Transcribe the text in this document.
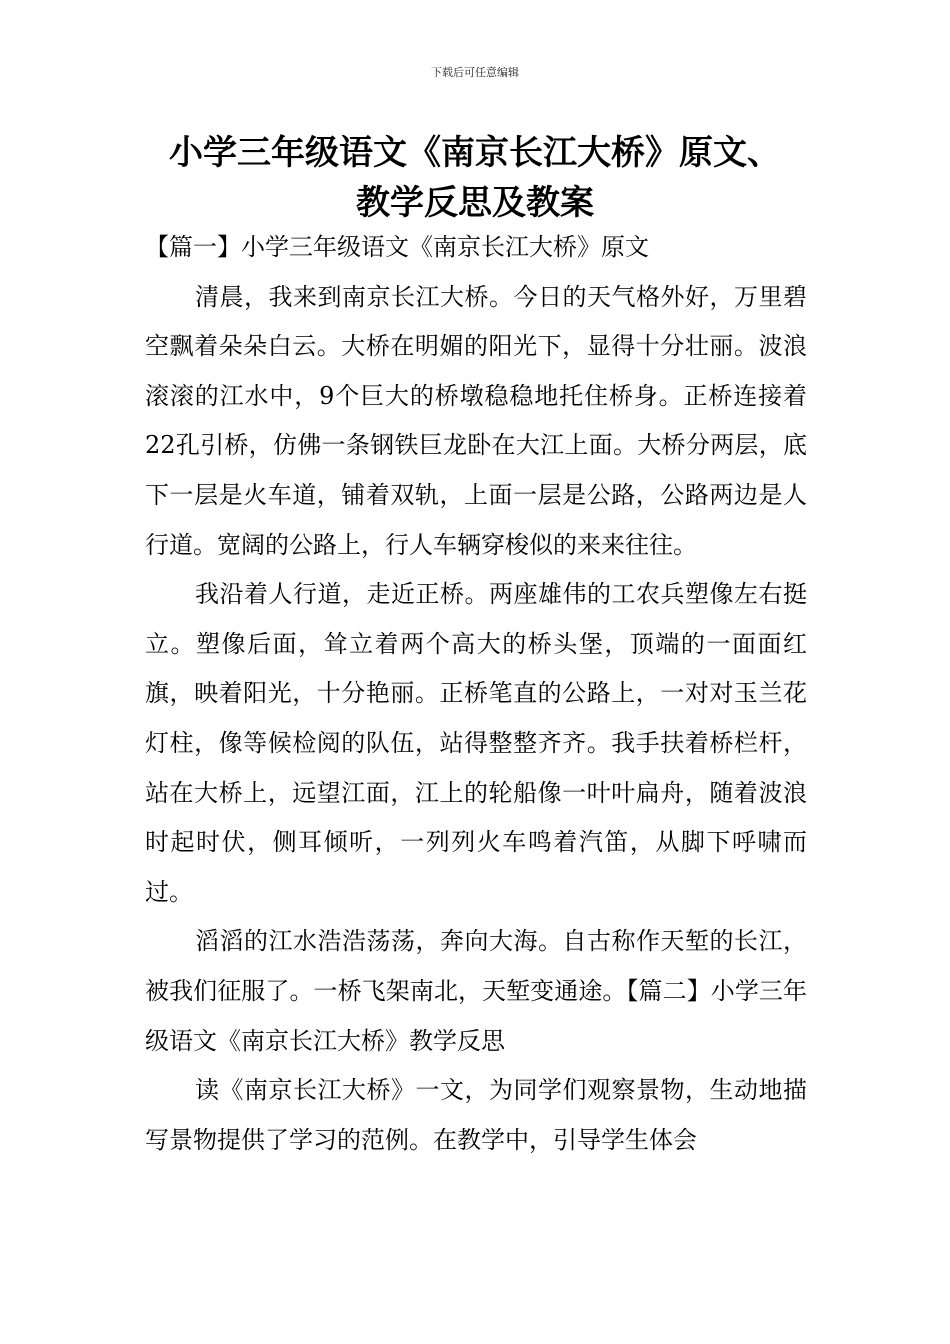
下载后可任意编辑
小学三年级语文《南京长江大桥》原文、
教学反思及教案

【篇一】小学三年级语文《南京长江大桥》原文

清晨，我来到南京长江大桥。今日的天气格外好，万里碧空飘着朵朵白云。大桥在明媚的阳光下，显得十分壮丽。波浪滚滚的江水中，9个巨大的桥墩稳稳地托住桥身。正桥连接着22孔引桥，仿佛一条钢铁巨龙卧在大江上面。大桥分两层，底下一层是火车道，铺着双轨，上面一层是公路，公路两边是人行道。宽阔的公路上，行人车辆穿梭似的来来往往。

我沿着人行道，走近正桥。两座雄伟的工农兵塑像左右挺立。塑像后面，耸立着两个高大的桥头堡，顶端的一面面红旗，映着阳光，十分艳丽。正桥笔直的公路上，一对对玉兰花灯柱，像等候检阅的队伍，站得整整齐齐。我手扶着桥栏杆，站在大桥上，远望江面，江上的轮船像一叶叶扁舟，随着波浪时起时伏，侧耳倾听，一列列火车鸣着汽笛，从脚下呼啸而过。

滔滔的江水浩浩荡荡，奔向大海。自古称作天堑的长江，被我们征服了。一桥飞架南北，天堑变通途。【篇二】小学三年级语文《南京长江大桥》教学反思

读《南京长江大桥》一文，为同学们观察景物，生动地描写景物提供了学习的范例。在教学中，引导学生体会
